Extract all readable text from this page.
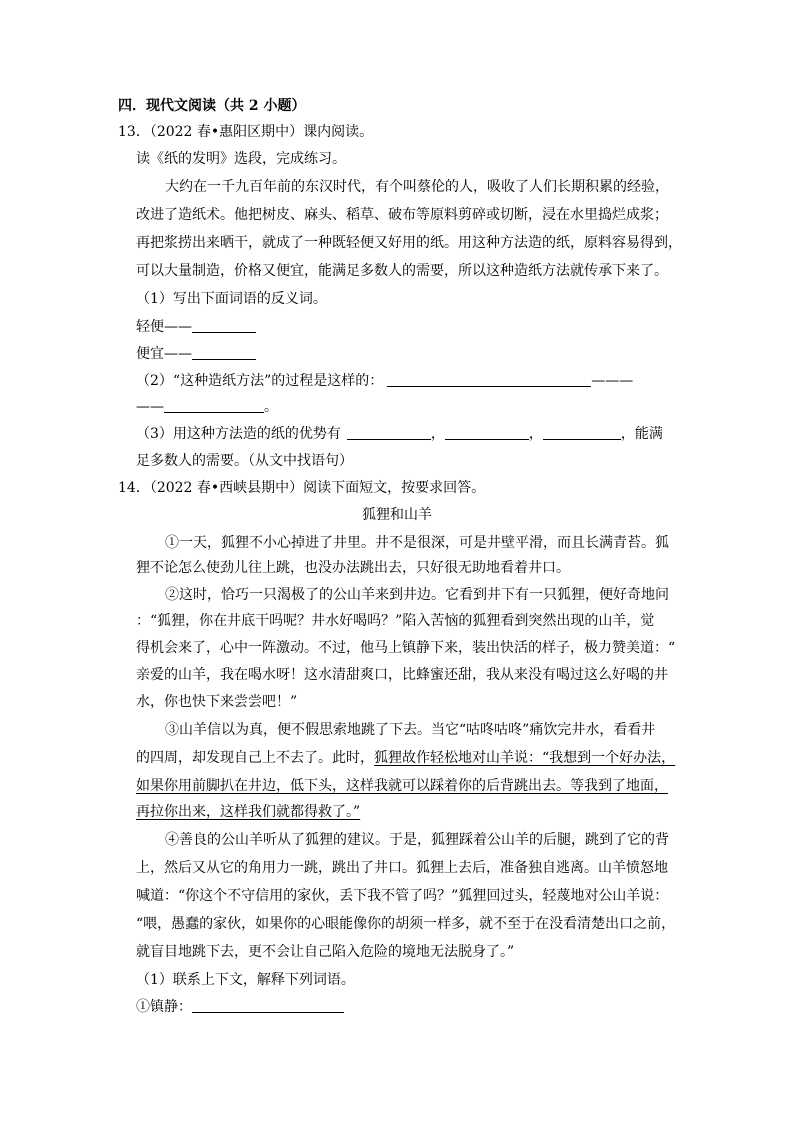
四．现代文阅读（共 2 小题）
13．（2022 春•惠阳区期中）课内阅读。
读《纸的发明》选段，完成练习。
大约在一千九百年前的东汉时代，有个叫蔡伦的人，吸收了人们长期积累的经验，
改进了造纸术。他把树皮、麻头、稻草、破布等原料剪碎或切断，浸在水里捣烂成浆；
再把浆捞出来晒干，就成了一种既轻便又好用的纸。用这种方法造的纸，原料容易得到，
可以大量制造，价格又便宜，能满足多数人的需要，所以这种造纸方法就传承下来了。
（1）写出下面词语的反义词。
轻便——
便宜——
（2）“这种造纸方法”的过程是这样的：	———
——	。
（3）用这种方法造的纸的优势有	，	，	，能满
足多数人的需要。（从文中找语句）
14．（2022 春•西峡县期中）阅读下面短文，按要求回答。
狐狸和山羊
①一天，狐狸不小心掉进了井里。井不是很深，可是井壁平滑，而且长满青苔。狐
狸不论怎么使劲儿往上跳，也没办法跳出去，只好很无助地看着井口。
②这时，恰巧一只渴极了的公山羊来到井边。它看到井下有一只狐狸，便好奇地问
：“狐狸，你在井底干吗呢？井水好喝吗？”陷入苦恼的狐狸看到突然出现的山羊，觉
得机会来了，心中一阵激动。不过，他马上镇静下来，装出快活的样子，极力赞美道：“
亲爱的山羊，我在喝水呀！这水清甜爽口，比蜂蜜还甜，我从来没有喝过这么好喝的井
水，你也快下来尝尝吧！”
③山羊信以为真，便不假思索地跳了下去。当它“咕咚咕咚”痛饮完井水，看看井
的四周，却发现自己上不去了。此时，狐狸故作轻松地对山羊说：“我想到一个好办法，
如果你用前脚扒在井边，低下头，这样我就可以踩着你的后背跳出去。等我到了地面，
再拉你出来，这样我们就都得救了。”
④善良的公山羊听从了狐狸的建议。于是，狐狸踩着公山羊的后腿，跳到了它的背
上，然后又从它的角用力一跳，跳出了井口。狐狸上去后，准备独自逃离。山羊愤怒地
喊道：“你这个不守信用的家伙，丢下我不管了吗？”狐狸回过头，轻蔑地对公山羊说：
“喂，愚蠢的家伙，如果你的心眼能像你的胡须一样多，就不至于在没看清楚出口之前，
就盲目地跳下去，更不会让自己陷入危险的境地无法脱身了。”
（1）联系上下文，解释下列词语。
①镇静：
